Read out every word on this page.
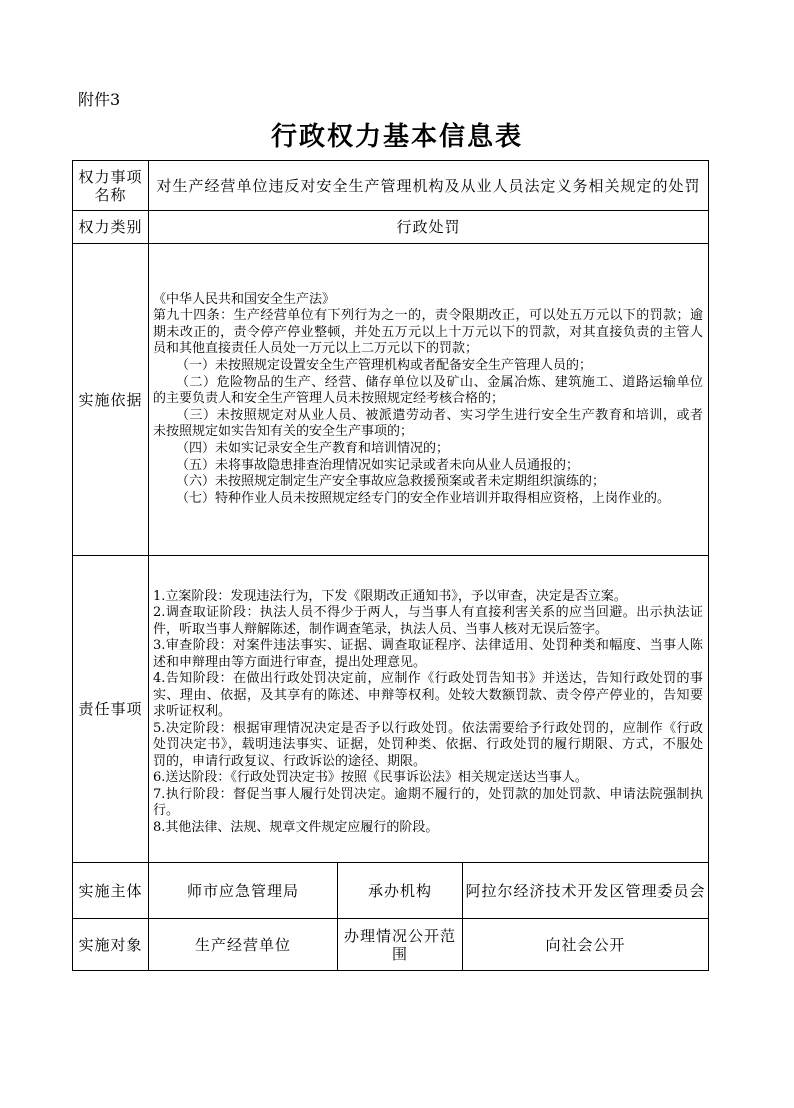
附件3
行政权力基本信息表
权力事项名称	对生产经营单位违反对安全生产管理机构及从业人员法定义务相关规定的处罚
权力类别	行政处罚
实施依据
《中华人民共和国安全生产法》
第九十四条：生产经营单位有下列行为之一的，责令限期改正，可以处五万元以下的罚款；逾
期未改正的，责令停产停业整顿，并处五万元以上十万元以下的罚款，对其直接负责的主管人
员和其他直接责任人员处一万元以上二万元以下的罚款；
（一）未按照规定设置安全生产管理机构或者配备安全生产管理人员的；
（二）危险物品的生产、经营、储存单位以及矿山、金属冶炼、建筑施工、道路运输单位
的主要负责人和安全生产管理人员未按照规定经考核合格的；
（三）未按照规定对从业人员、被派遣劳动者、实习学生进行安全生产教育和培训，或者
未按照规定如实告知有关的安全生产事项的；
（四）未如实记录安全生产教育和培训情况的；
（五）未将事故隐患排查治理情况如实记录或者未向从业人员通报的；
（六）未按照规定制定生产安全事故应急救援预案或者未定期组织演练的；
（七）特种作业人员未按照规定经专门的安全作业培训并取得相应资格，上岗作业的。
责任事项
1.立案阶段：发现违法行为，下发《限期改正通知书》，予以审查，决定是否立案。
2.调查取证阶段：执法人员不得少于两人，与当事人有直接利害关系的应当回避。出示执法证
件，听取当事人辩解陈述，制作调查笔录，执法人员、当事人核对无误后签字。
3.审查阶段：对案件违法事实、证据、调查取证程序、法律适用、处罚种类和幅度、当事人陈
述和申辩理由等方面进行审查，提出处理意见。
4.告知阶段：在做出行政处罚决定前，应制作《行政处罚告知书》并送达，告知行政处罚的事
实、理由、依据，及其享有的陈述、申辩等权利。处较大数额罚款、责令停产停业的，告知要
求听证权利。
5.决定阶段：根据审理情况决定是否予以行政处罚。依法需要给予行政处罚的，应制作《行政
处罚决定书》，载明违法事实、证据，处罚种类、依据、行政处罚的履行期限、方式，不服处
罚的，申请行政复议、行政诉讼的途径、期限。
6.送达阶段：《行政处罚决定书》按照《民事诉讼法》相关规定送达当事人。
7.执行阶段：督促当事人履行处罚决定。逾期不履行的，处罚款的加处罚款、申请法院强制执
行。
8.其他法律、法规、规章文件规定应履行的阶段。
实施主体	师市应急管理局	承办机构 阿拉尔经济技术开发区管理委员会
实施对象	生产经营单位	办理情况公开范围	向社会公开
